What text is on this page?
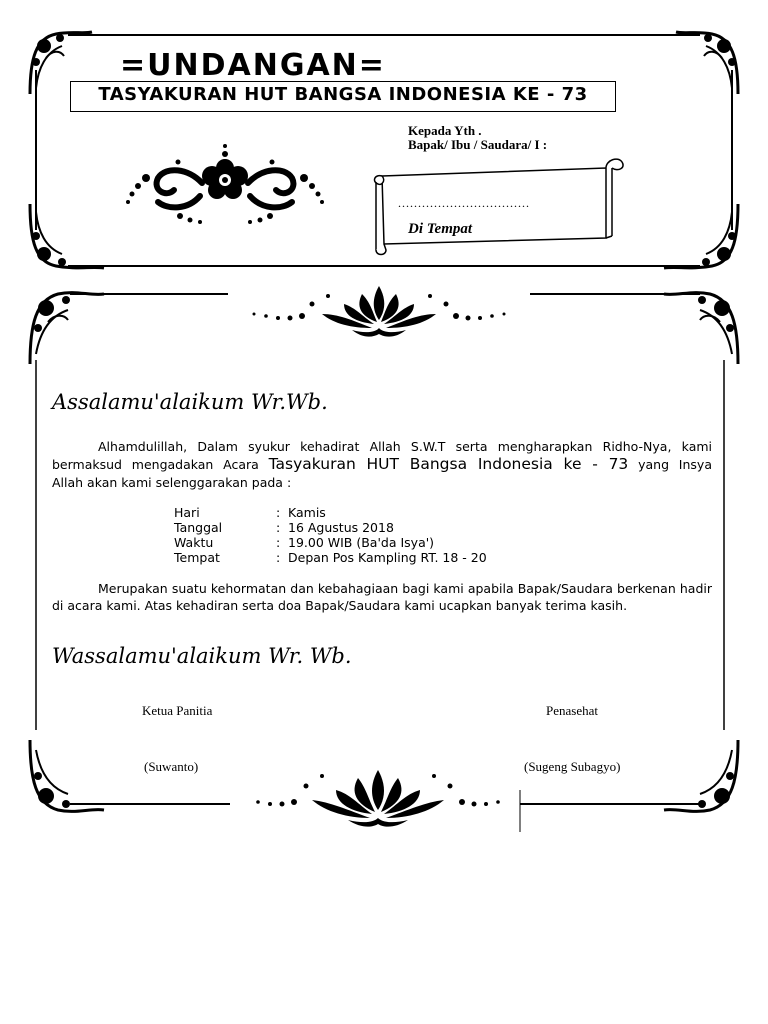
=UNDANGAN=
TASYAKURAN HUT BANGSA INDONESIA KE - 73
Kepada Yth .
Bapak/ Ibu / Saudara/ I :
.................................
Di Tempat
Assalamu'alaikum Wr.Wb.
Alhamdulillah, Dalam syukur kehadirat Allah S.W.T serta mengharapkan Ridho-Nya, kami
bermaksud mengadakan Acara Tasyakuran HUT Bangsa Indonesia ke - 73 yang Insya
Allah akan kami selenggarakan pada :
Hari	: Kamis
Tanggal	: 16 Agustus 2018
Waktu	: 19.00 WIB (Ba'da Isya')
Tempat	: Depan Pos Kampling RT. 18 - 20
Merupakan suatu kehormatan dan kebahagiaan bagi kami apabila Bapak/Saudara berkenan hadir
di acara kami. Atas kehadiran serta doa Bapak/Saudara kami ucapkan banyak terima kasih.
Wassalamu'alaikum Wr. Wb.
Ketua Panitia	Penasehat
(Suwanto)	(Sugeng Subagyo)
